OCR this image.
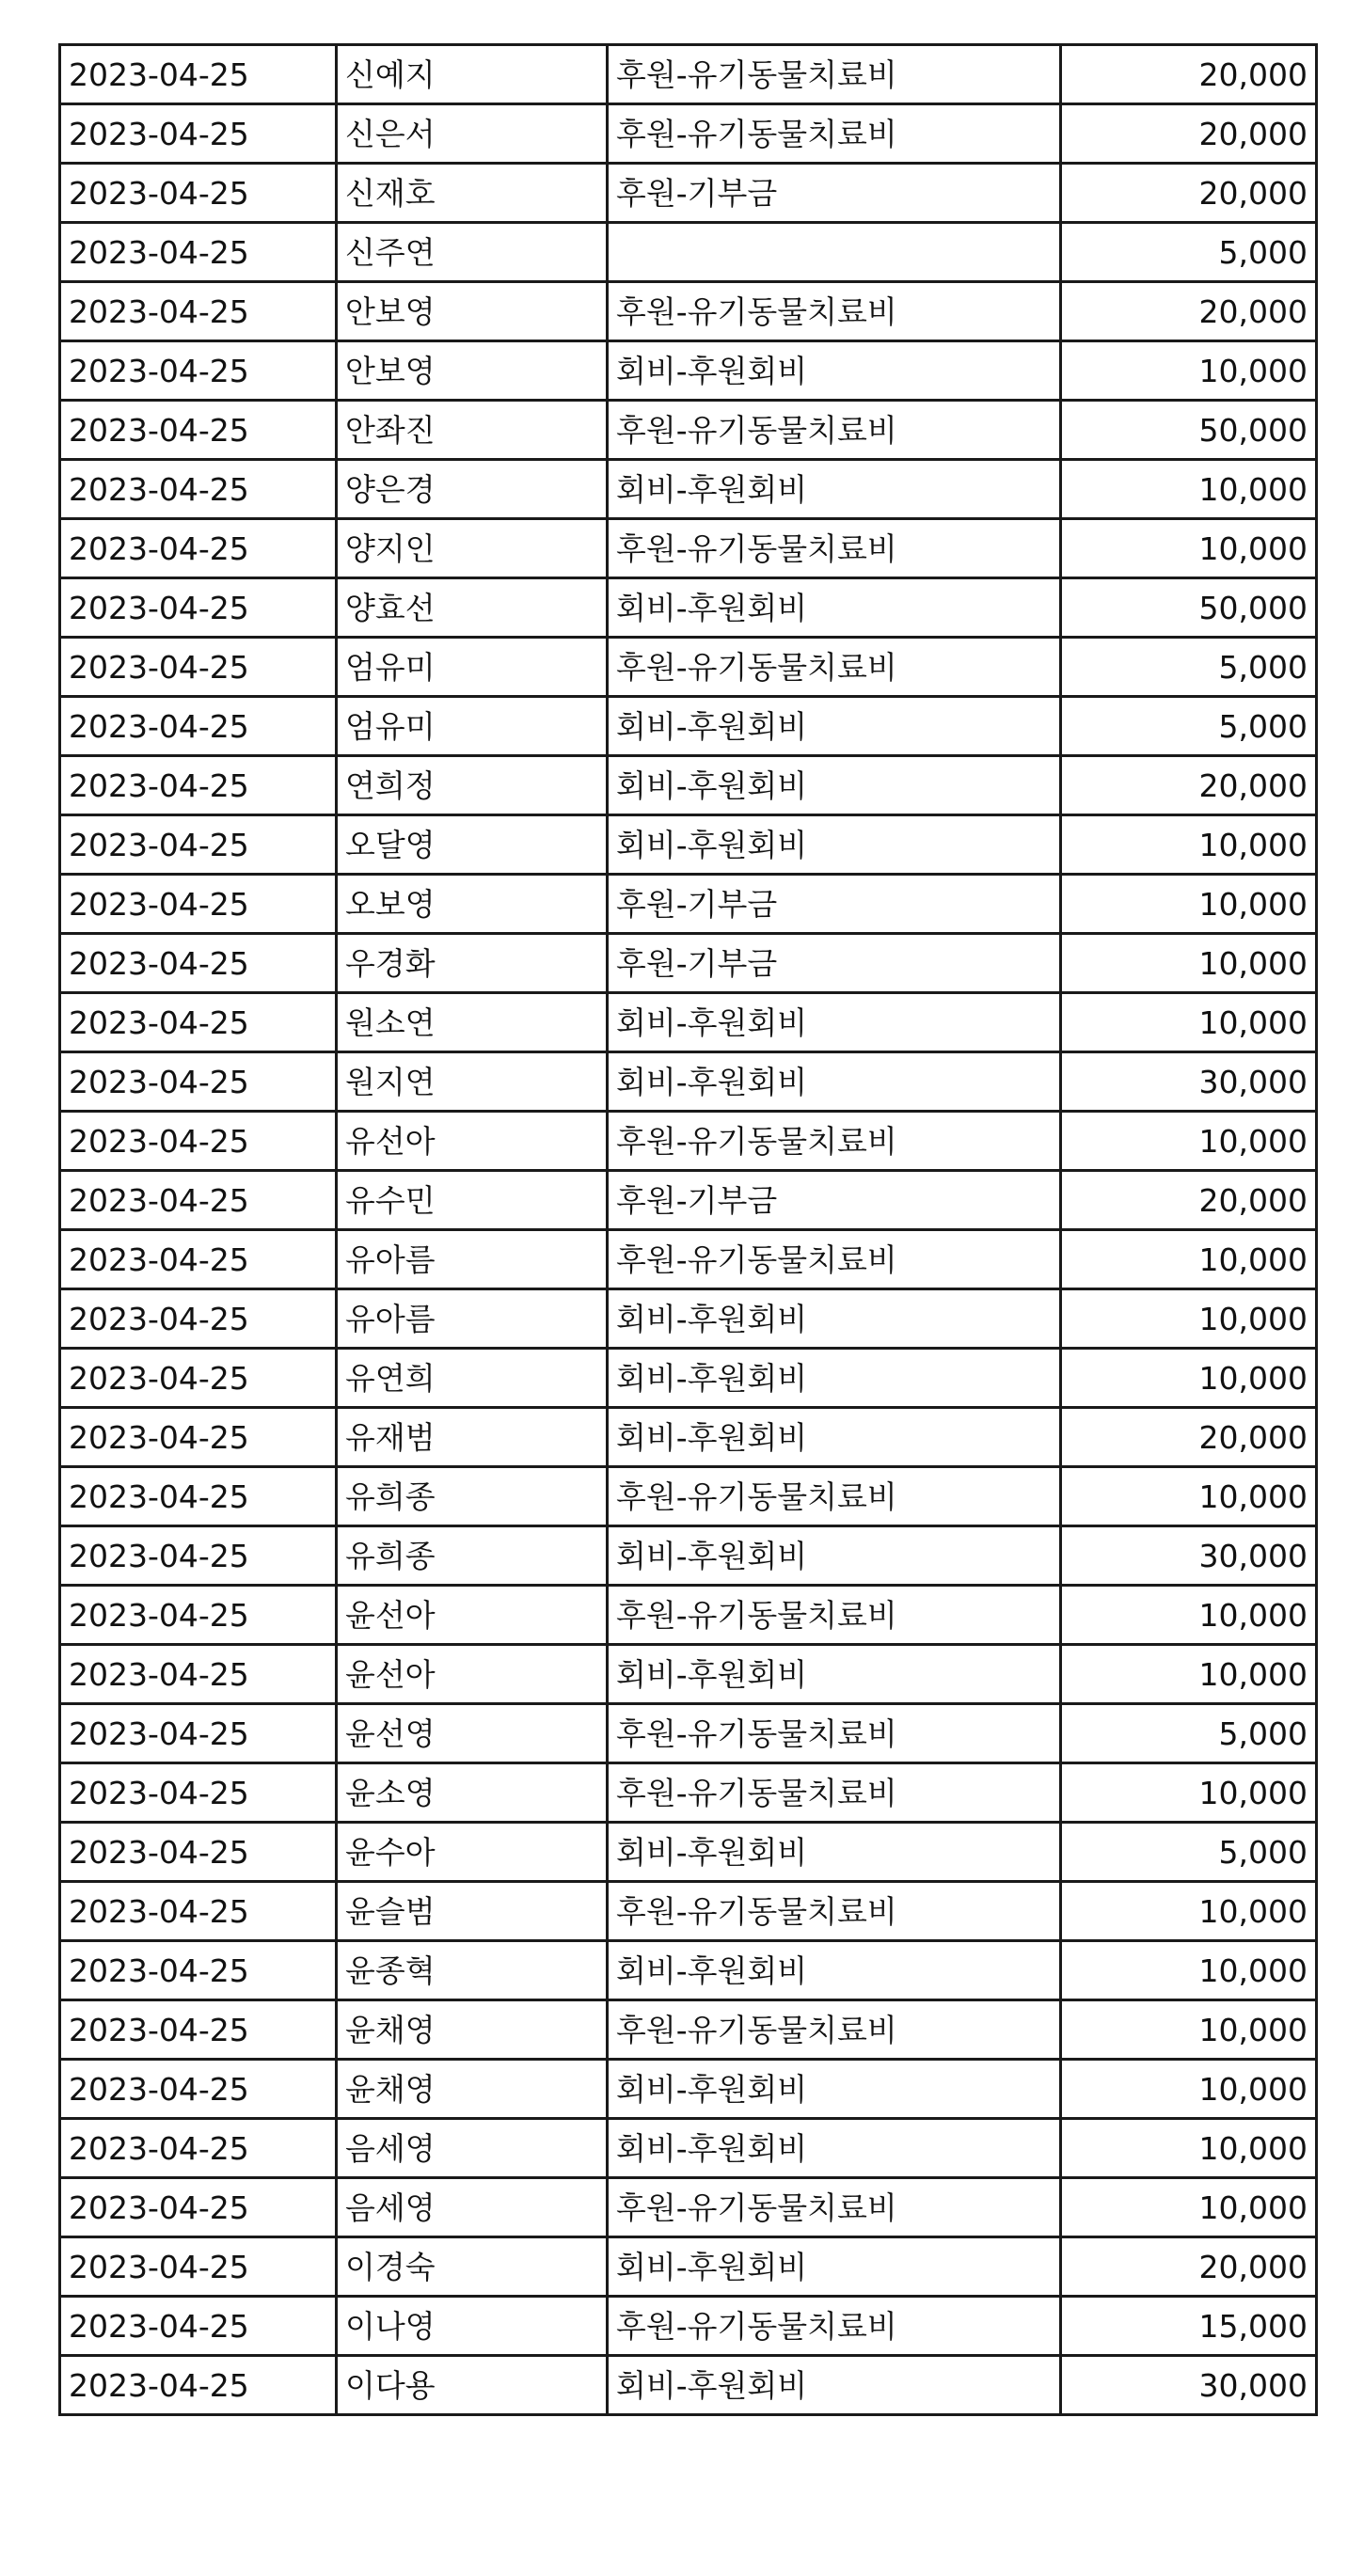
2023-04-25	신예지	후원-유기동물치료비	20,000
2023-04-25	신은서	후원-유기동물치료비	20,000
2023-04-25	신재호	후원-기부금	20,000
2023-04-25	신주연		5,000
2023-04-25	안보영	후원-유기동물치료비	20,000
2023-04-25	안보영	회비-후원회비	10,000
2023-04-25	안좌진	후원-유기동물치료비	50,000
2023-04-25	양은경	회비-후원회비	10,000
2023-04-25	양지인	후원-유기동물치료비	10,000
2023-04-25	양효선	회비-후원회비	50,000
2023-04-25	엄유미	후원-유기동물치료비	5,000
2023-04-25	엄유미	회비-후원회비	5,000
2023-04-25	연희정	회비-후원회비	20,000
2023-04-25	오달영	회비-후원회비	10,000
2023-04-25	오보영	후원-기부금	10,000
2023-04-25	우경화	후원-기부금	10,000
2023-04-25	원소연	회비-후원회비	10,000
2023-04-25	원지연	회비-후원회비	30,000
2023-04-25	유선아	후원-유기동물치료비	10,000
2023-04-25	유수민	후원-기부금	20,000
2023-04-25	유아름	후원-유기동물치료비	10,000
2023-04-25	유아름	회비-후원회비	10,000
2023-04-25	유연희	회비-후원회비	10,000
2023-04-25	유재범	회비-후원회비	20,000
2023-04-25	유희종	후원-유기동물치료비	10,000
2023-04-25	유희종	회비-후원회비	30,000
2023-04-25	윤선아	후원-유기동물치료비	10,000
2023-04-25	윤선아	회비-후원회비	10,000
2023-04-25	윤선영	후원-유기동물치료비	5,000
2023-04-25	윤소영	후원-유기동물치료비	10,000
2023-04-25	윤수아	회비-후원회비	5,000
2023-04-25	윤슬범	후원-유기동물치료비	10,000
2023-04-25	윤종혁	회비-후원회비	10,000
2023-04-25	윤채영	후원-유기동물치료비	10,000
2023-04-25	윤채영	회비-후원회비	10,000
2023-04-25	음세영	회비-후원회비	10,000
2023-04-25	음세영	후원-유기동물치료비	10,000
2023-04-25	이경숙	회비-후원회비	20,000
2023-04-25	이나영	후원-유기동물치료비	15,000
2023-04-25	이다용	회비-후원회비	30,000
